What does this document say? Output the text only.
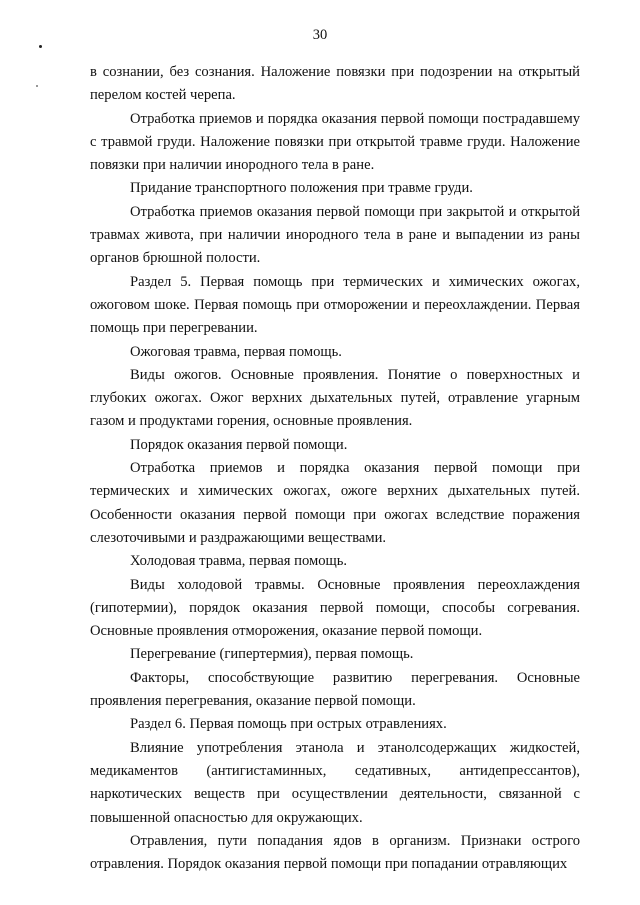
30

в сознании, без сознания. Наложение повязки при подозрении на открытый перелом костей черепа.

Отработка приемов и порядка оказания первой помощи пострадавшему с травмой груди. Наложение повязки при открытой травме груди. Наложение повязки при наличии инородного тела в ране.

Придание транспортного положения при травме груди.

Отработка приемов оказания первой помощи при закрытой и открытой травмах живота, при наличии инородного тела в ране и выпадении из раны органов брюшной полости.

Раздел 5. Первая помощь при термических и химических ожогах, ожоговом шоке. Первая помощь при отморожении и переохлаждении. Первая помощь при перегревании.

Ожоговая травма, первая помощь.

Виды ожогов. Основные проявления. Понятие о поверхностных и глубоких ожогах. Ожог верхних дыхательных путей, отравление угарным газом и продуктами горения, основные проявления.

Порядок оказания первой помощи.

Отработка приемов и порядка оказания первой помощи при термических и химических ожогах, ожоге верхних дыхательных путей. Особенности оказания первой помощи при ожогах вследствие поражения слезоточивыми и раздражающими веществами.

Холодовая травма, первая помощь.

Виды холодовой травмы. Основные проявления переохлаждения (гипотермии), порядок оказания первой помощи, способы согревания. Основные проявления отморожения, оказание первой помощи.

Перегревание (гипертермия), первая помощь.

Факторы, способствующие развитию перегревания. Основные проявления перегревания, оказание первой помощи.

Раздел 6. Первая помощь при острых отравлениях.

Влияние употребления этанола и этанолсодержащих жидкостей, медикаментов (антигистаминных, седативных, антидепрессантов), наркотических веществ при осуществлении деятельности, связанной с повышенной опасностью для окружающих.

Отравления, пути попадания ядов в организм. Признаки острого отравления. Порядок оказания первой помощи при попадании отравляющих
